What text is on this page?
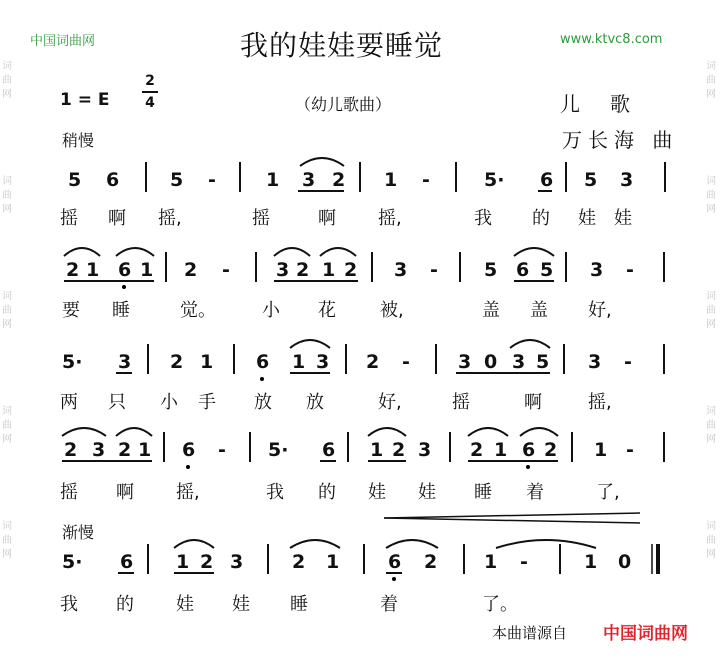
中国词曲网	www.ktvc8.com
我的娃娃要睡觉
1 = E
2
4	（幼儿歌曲）	儿歌
稍慢	万长海 曲
渐慢
词曲网
词曲网
词曲网
词曲网
词曲网
词曲网
词曲网
词曲网
词曲网
词曲网
5 6	5 -	1 3 2 1 -	5· 6 5 3
摇 啊 摇,	摇	啊 摇,	我 的 娃 娃
2 1 6 1 2 - 3 2 1 2 3 - 5 6 5 3 -
要 睡	觉。	小 花 被,	盖 盖 好,
5· 3 2 1 6 1 3 2 -	3 0 3 5 3 -
两 只 小 手 放 放	好,	摇	啊	摇,
2 3 2 1 6 - 5· 6 1 2 3 2 1 6 2 1 -
摇 啊 摇,	我 的 娃 娃 睡 着	了,
5· 6 1 2 3	2 1	6 2 1 -	1 0
我 的 娃 娃 睡	着	了。
本曲谱源自 中国词曲网
